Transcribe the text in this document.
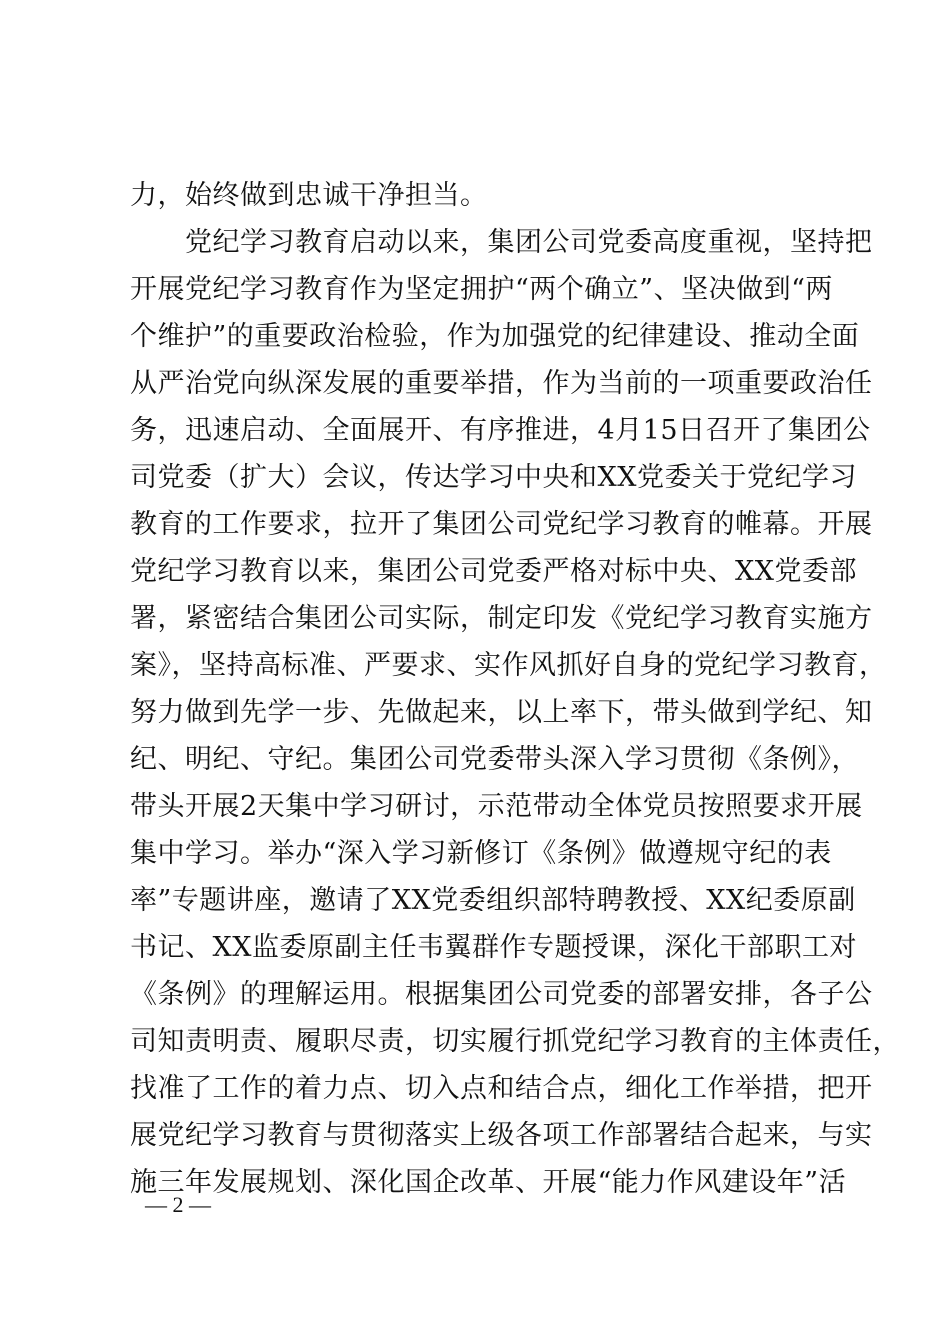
力，始终做到忠诚干净担当。
　　党纪学习教育启动以来，集团公司党委高度重视，坚持把
开展党纪学习教育作为坚定拥护“两个确立”、坚决做到“两
个维护”的重要政治检验，作为加强党的纪律建设、推动全面
从严治党向纵深发展的重要举措，作为当前的一项重要政治任
务，迅速启动、全面展开、有序推进，4月15日召开了集团公
司党委（扩大）会议，传达学习中央和XX党委关于党纪学习
教育的工作要求，拉开了集团公司党纪学习教育的帷幕。开展
党纪学习教育以来，集团公司党委严格对标中央、XX党委部
署，紧密结合集团公司实际，制定印发《党纪学习教育实施方
案》，坚持高标准、严要求、实作风抓好自身的党纪学习教育，
努力做到先学一步、先做起来，以上率下，带头做到学纪、知
纪、明纪、守纪。集团公司党委带头深入学习贯彻《条例》，
带头开展2天集中学习研讨，示范带动全体党员按照要求开展
集中学习。举办“深入学习新修订《条例》做遵规守纪的表
率”专题讲座，邀请了XX党委组织部特聘教授、XX纪委原副
书记、XX监委原副主任韦翼群作专题授课，深化干部职工对
《条例》的理解运用。根据集团公司党委的部署安排，各子公
司知责明责、履职尽责，切实履行抓党纪学习教育的主体责任，
找准了工作的着力点、切入点和结合点，细化工作举措，把开
展党纪学习教育与贯彻落实上级各项工作部署结合起来，与实
施三年发展规划、深化国企改革、开展“能力作风建设年”活
— 2 —
